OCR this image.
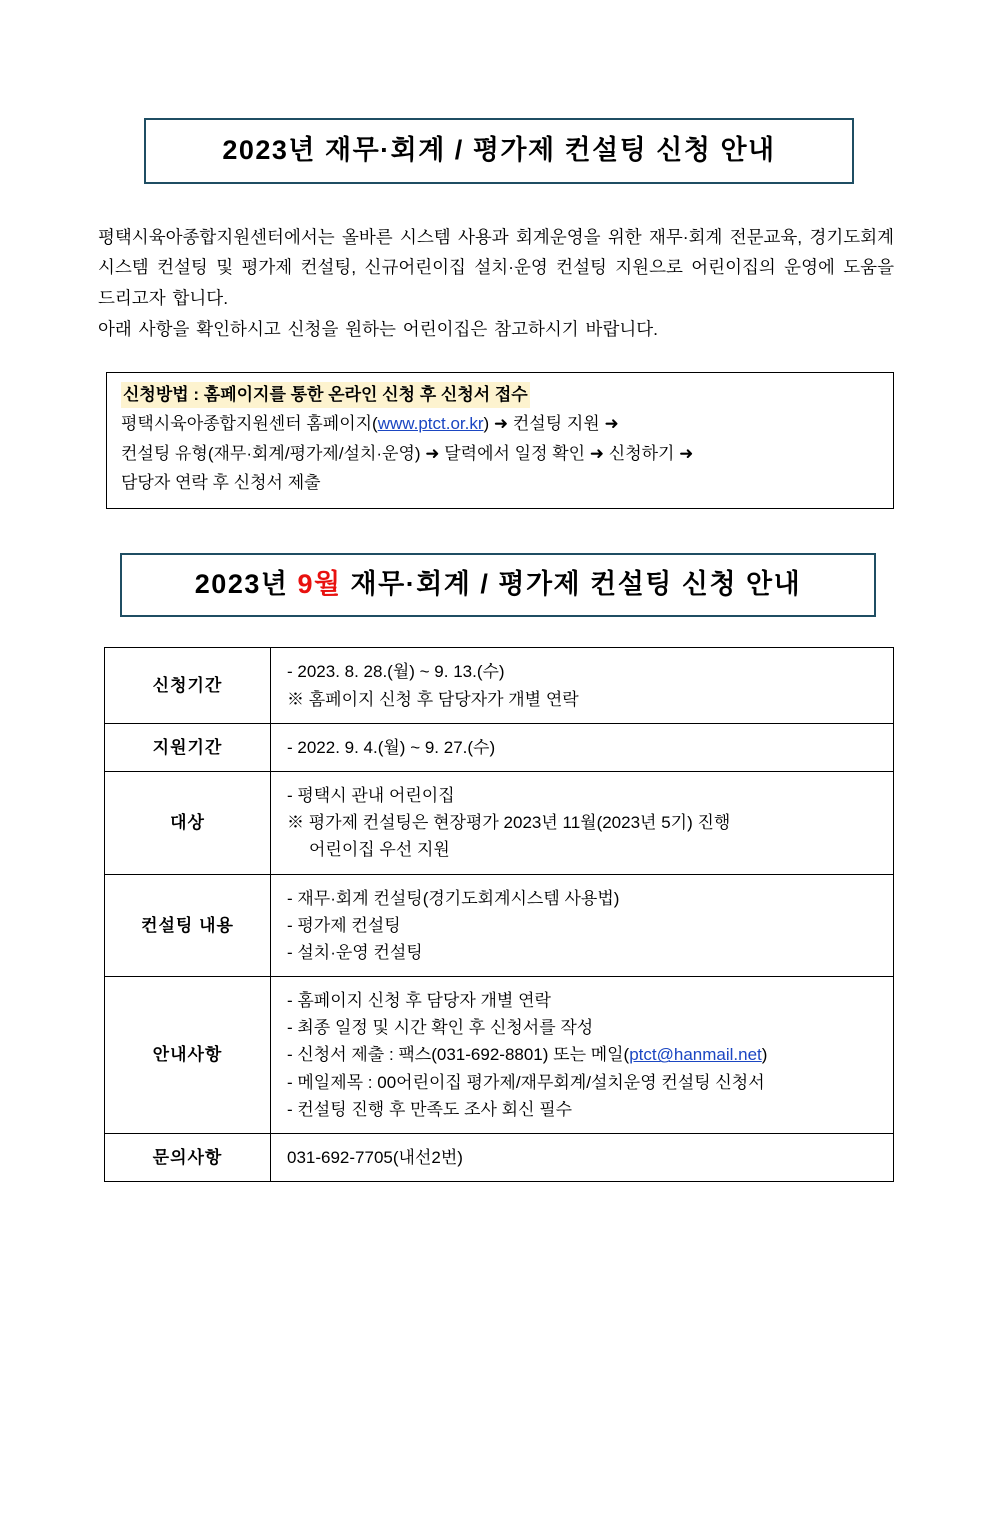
2023년 재무·회계 / 평가제 컨설팅 신청 안내

평택시육아종합지원센터에서는 올바른 시스템 사용과 회계운영을 위한 재무·회계 전문교육, 경기도회계시스템 컨설팅 및 평가제 컨설팅, 신규어린이집 설치·운영 컨설팅 지원으로 어린이집의 운영에 도움을 드리고자 합니다.

아래 사항을 확인하시고 신청을 원하는 어린이집은 참고하시기 바랍니다.

신청방법 : 홈페이지를 통한 온라인 신청 후 신청서 접수
평택시육아종합지원센터 홈페이지(www.ptct.or.kr) ➜ 컨설팅 지원 ➜
컨설팅 유형(재무·회계/평가제/설치·운영) ➜ 달력에서 일정 확인 ➜ 신청하기 ➜
담당자 연락 후 신청서 제출
2023년 9월 재무·회계 / 평가제 컨설팅 신청 안내
신청기간	- 2023. 8. 28.(월) ~ 9. 13.(수)
※ 홈페이지 신청 후 담당자가 개별 연락

지원기간	- 2022. 9. 4.(월) ~ 9. 27.(수)

대상	- 평택시 관내 어린이집
※ 평가제 컨설팅은 현장평가 2023년 11월(2023년 5기) 진행
어린이집 우선 지원

컨설팅 내용	- 재무·회계 컨설팅(경기도회계시스템 사용법)
- 평가제 컨설팅
- 설치·운영 컨설팅

안내사항	- 홈페이지 신청 후 담당자 개별 연락
- 최종 일정 및 시간 확인 후 신청서를 작성
- 신청서 제출 : 팩스(031-692-8801) 또는 메일(ptct@hanmail.net)
- 메일제목 : 00어린이집 평가제/재무회계/설치운영 컨설팅 신청서
- 컨설팅 진행 후 만족도 조사 회신 필수

문의사항	031-692-7705(내선2번)
